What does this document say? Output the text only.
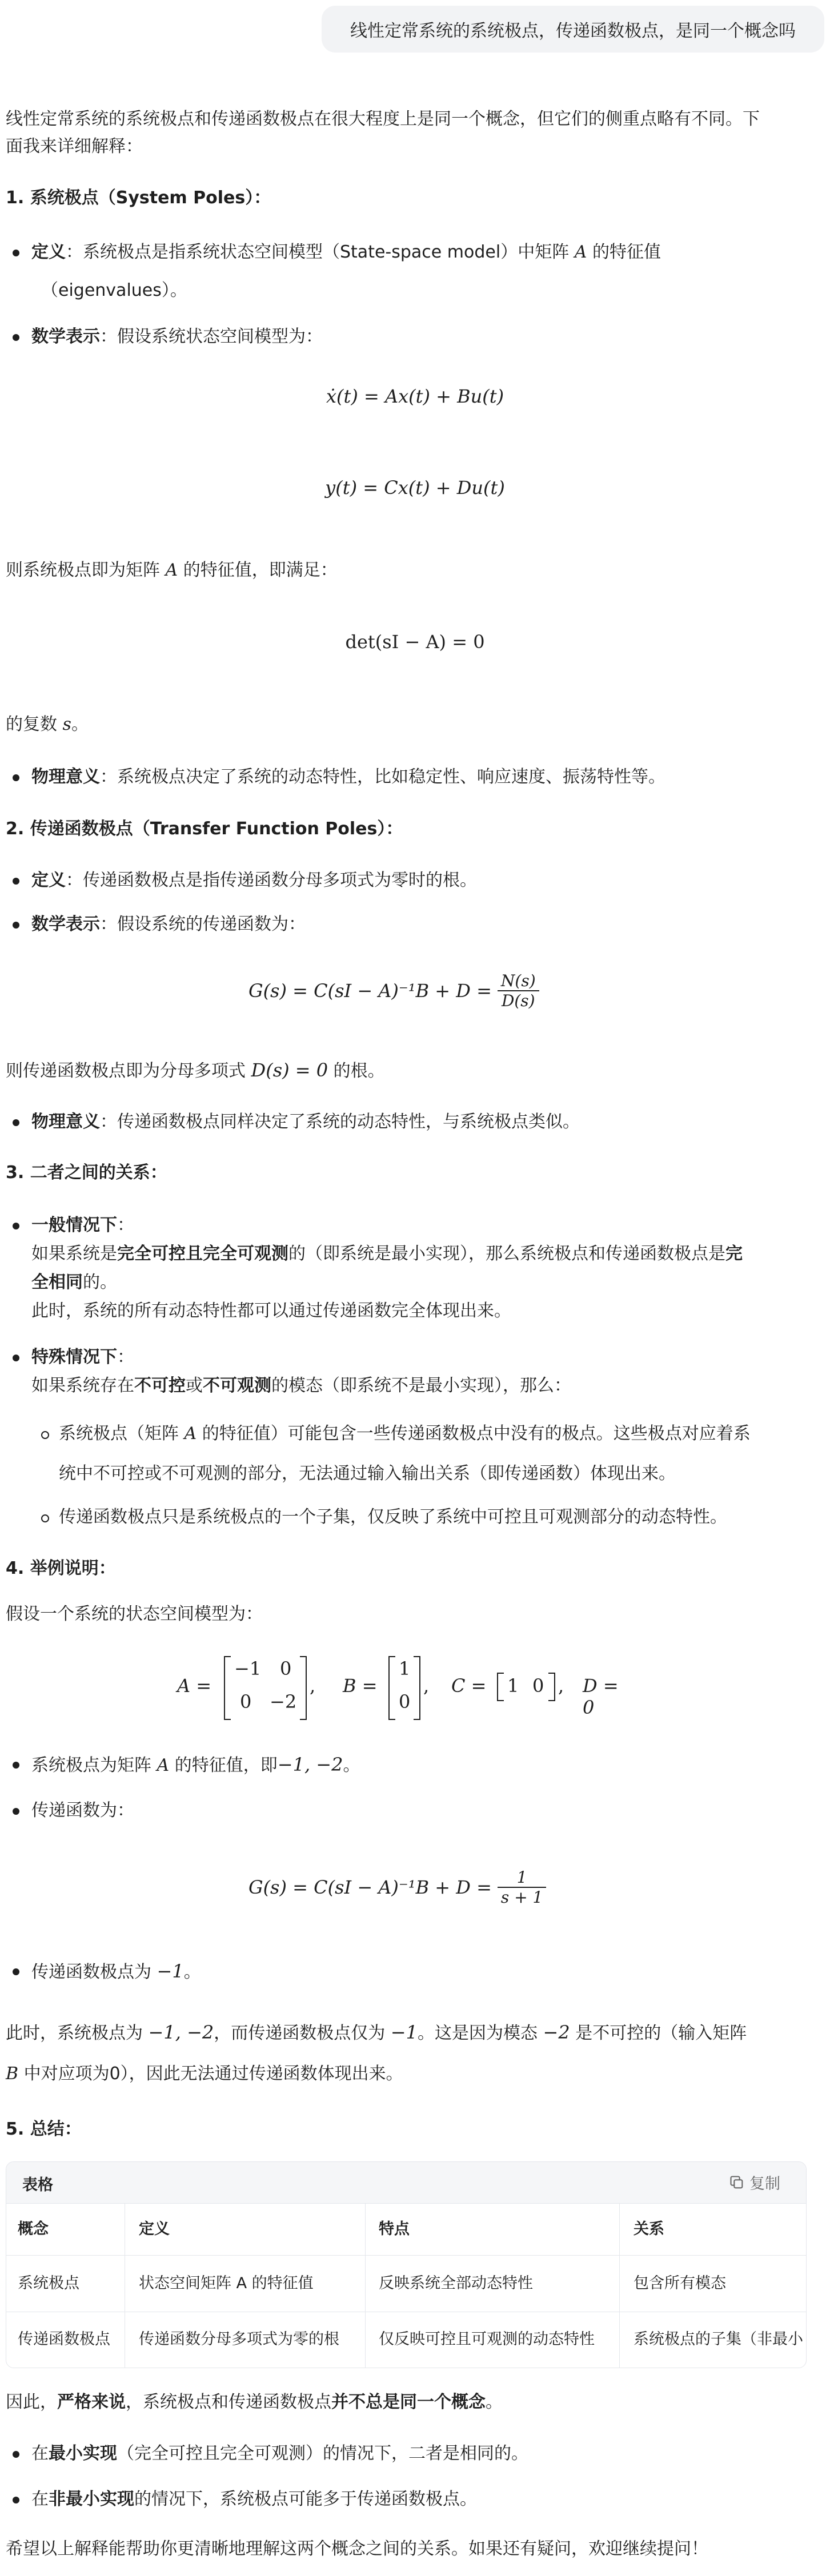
线性定常系统的系统极点，传递函数极点，是同一个概念吗
线性定常系统的系统极点和传递函数极点在很大程度上是同一个概念，但它们的侧重点略有不同。下
面我来详细解释：
1. 系统极点（System Poles）：
定义：系统极点是指系统状态空间模型（State-space model）中矩阵 A 的特征值
（eigenvalues）。
数学表示：假设系统状态空间模型为：
ẋ(t) = Ax(t) + Bu(t)
y(t) = Cx(t) + Du(t)
则系统极点即为矩阵 A 的特征值，即满足：
det(sI − A) = 0
的复数 s。
物理意义：系统极点决定了系统的动态特性，比如稳定性、响应速度、振荡特性等。
2. 传递函数极点（Transfer Function Poles）：
定义：传递函数极点是指传递函数分母多项式为零时的根。
数学表示：假设系统的传递函数为：
G(s) = C(sI − A)⁻¹B + D = N(s)
D(s)
则传递函数极点即为分母多项式 D(s) = 0 的根。
物理意义：传递函数极点同样决定了系统的动态特性，与系统极点类似。
3. 二者之间的关系：
一般情况下：
如果系统是完全可控且完全可观测的（即系统是最小实现），那么系统极点和传递函数极点是完
全相同的。
此时，系统的所有动态特性都可以通过传递函数完全体现出来。
特殊情况下：
如果系统存在不可控或不可观测的模态（即系统不是最小实现），那么：
系统极点（矩阵 A 的特征值）可能包含一些传递函数极点中没有的极点。这些极点对应着系
统中不可控或不可观测的部分，无法通过输入输出关系（即传递函数）体现出来。
传递函数极点只是系统极点的一个子集，仅反映了系统中可控且可观测部分的动态特性。
4. 举例说明：
假设一个系统的状态空间模型为：
A =
−1 0
0 −2
, B =
1
0
, C = 1 0 , D = 0
系统极点为矩阵 A 的特征值，即−1, −2。
传递函数为：
G(s) = C(sI − A)⁻¹B + D = 1
s + 1
传递函数极点为 −1。
此时，系统极点为 −1, −2，而传递函数极点仅为 −1。这是因为模态 −2 是不可控的（输入矩阵
B 中对应项为0），因此无法通过传递函数体现出来。
5. 总结：
表格	复制
概念	定义	特点	关系
系统极点	状态空间矩阵 A 的特征值	反映系统全部动态特性	包含所有模态
传递函数极点	传递函数分母多项式为零的根	仅反映可控且可观测的动态特性	系统极点的子集（非最小
因此，严格来说，系统极点和传递函数极点并不总是同一个概念。
在最小实现（完全可控且完全可观测）的情况下，二者是相同的。
在非最小实现的情况下，系统极点可能多于传递函数极点。
希望以上解释能帮助你更清晰地理解这两个概念之间的关系。如果还有疑问，欢迎继续提问！
